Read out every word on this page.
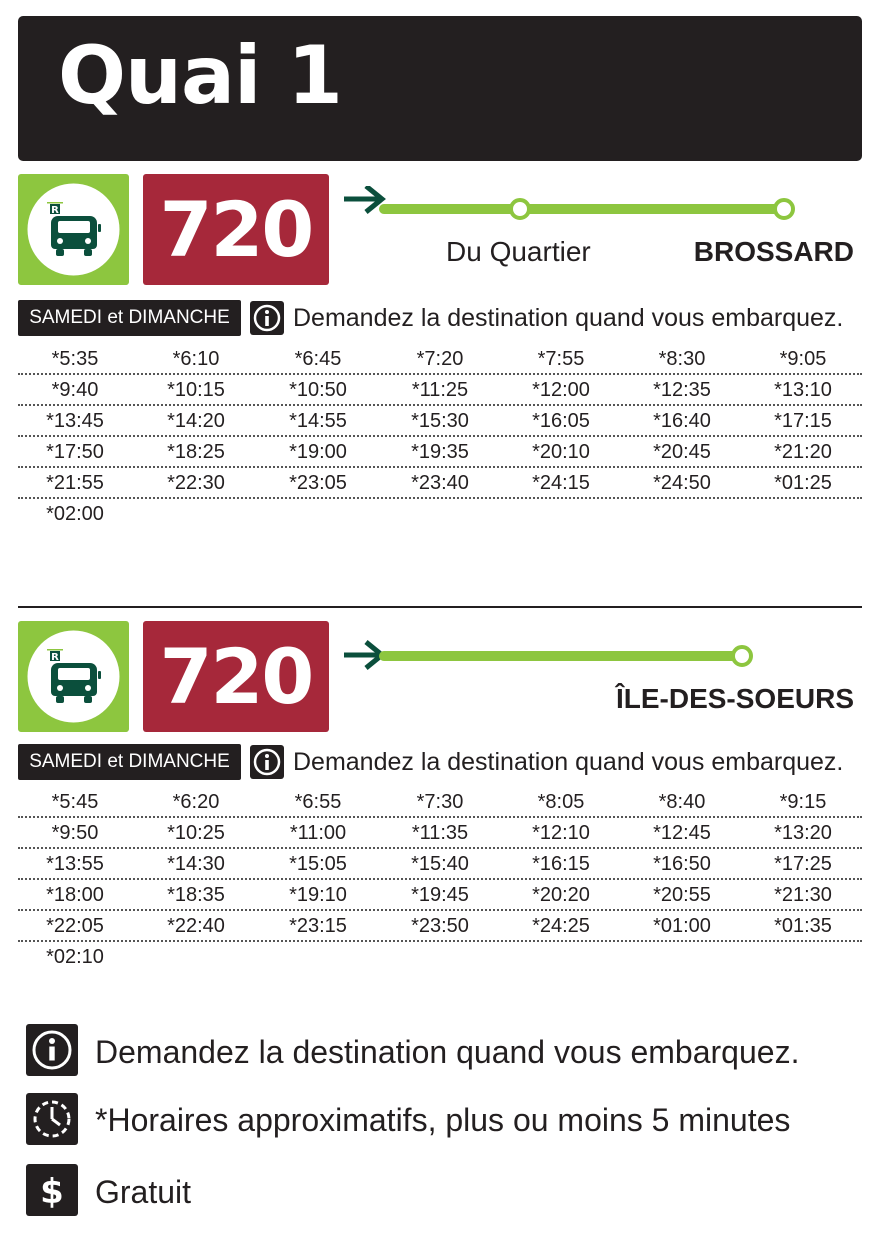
Quai 1
R 720	Du Quartier	BROSSARD
SAMEDI et DIMANCHE	Demandez la destination quand vous embarquez.
*5:35	*6:10	*6:45	*7:20	*7:55	*8:30	*9:05
*9:40	*10:15	*10:50	*11:25	*12:00	*12:35	*13:10
*13:45	*14:20	*14:55	*15:30	*16:05	*16:40	*17:15
*17:50	*18:25	*19:00	*19:35	*20:10	*20:45	*21:20
*21:55	*22:30	*23:05	*23:40	*24:15	*24:50	*01:25
*02:00
R 720	ÎLE-DES-SOEURS
SAMEDI et DIMANCHE	Demandez la destination quand vous embarquez.
*5:45	*6:20	*6:55	*7:30	*8:05	*8:40	*9:15
*9:50	*10:25	*11:00	*11:35	*12:10	*12:45	*13:20
*13:55	*14:30	*15:05	*15:40	*16:15	*16:50	*17:25
*18:00	*18:35	*19:10	*19:45	*20:20	*20:55	*21:30
*22:05	*22:40	*23:15	*23:50	*24:25	*01:00	*01:35
*02:10
Demandez la destination quand vous embarquez.
*Horaires approximatifs, plus ou moins 5 minutes
$ Gratuit
